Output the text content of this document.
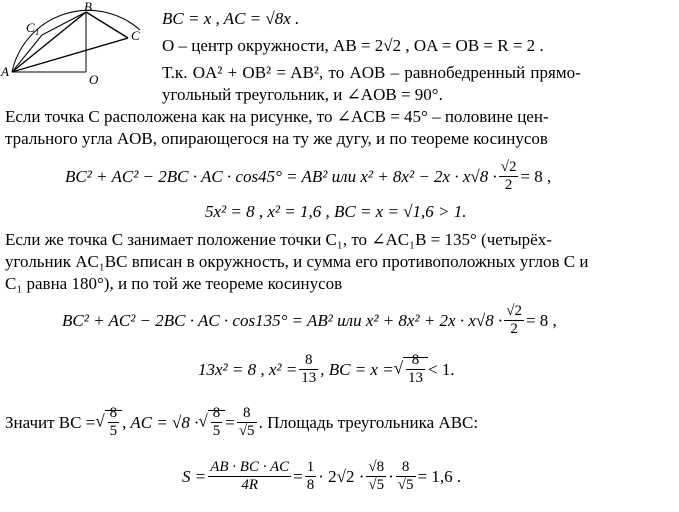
B
C 1	C
A
O
BC = x , AC = √8x .
O – центр окружности, AB = 2√2 , OA = OB = R = 2 .
Т.к. OA² + OB² = AB², то AOB – равнобедренный прямо-
угольный треугольник, и ∠AOB = 90°.
Если точка C расположена как на рисунке, то ∠ACB = 45° – половине цен-
трального угла AOB, опирающегося на ту же дугу, и по теореме косинусов
BC² + AC² − 2BC · AC · cos45° = AB² или $x^2 + 8x^2 - 2x \cdot x√8 \cdot \frac{√2}{2} = 8$ ,
5x² = 8 , x² = 1,6 , BC = x = √1,6 > 1.
Если же точка C занимает положение точки C₁, то ∠AC₁B = 135° (четырёх-
угольник AC₁BC вписан в окружность, и сумма его противоположных углов C и
C₁ равна 180°), и по той же теореме косинусов
BC² + AC² − 2BC · AC · cos135° = AB² или $x^2 + 8x^2 + 2x \cdot x√8 \cdot \frac{√2}{2} = 8$ ,
13x² = 8 , $x^2 = \frac{8}{13}$ , BC = x = √ $\frac{8}{13} < 1$.
Значит BC = √ $\frac{8}{5}$ , AC = √8 · √ $\frac{8}{5} = \frac{8}{√5}$ . Площадь треугольника ABC:
$S = \frac{AB \cdot BC \cdot AC}{4R} = \frac{1}{8} \cdot 2√2 \cdot \frac{√8}{√5} \cdot \frac{8}{√5} = 1,6$ .
